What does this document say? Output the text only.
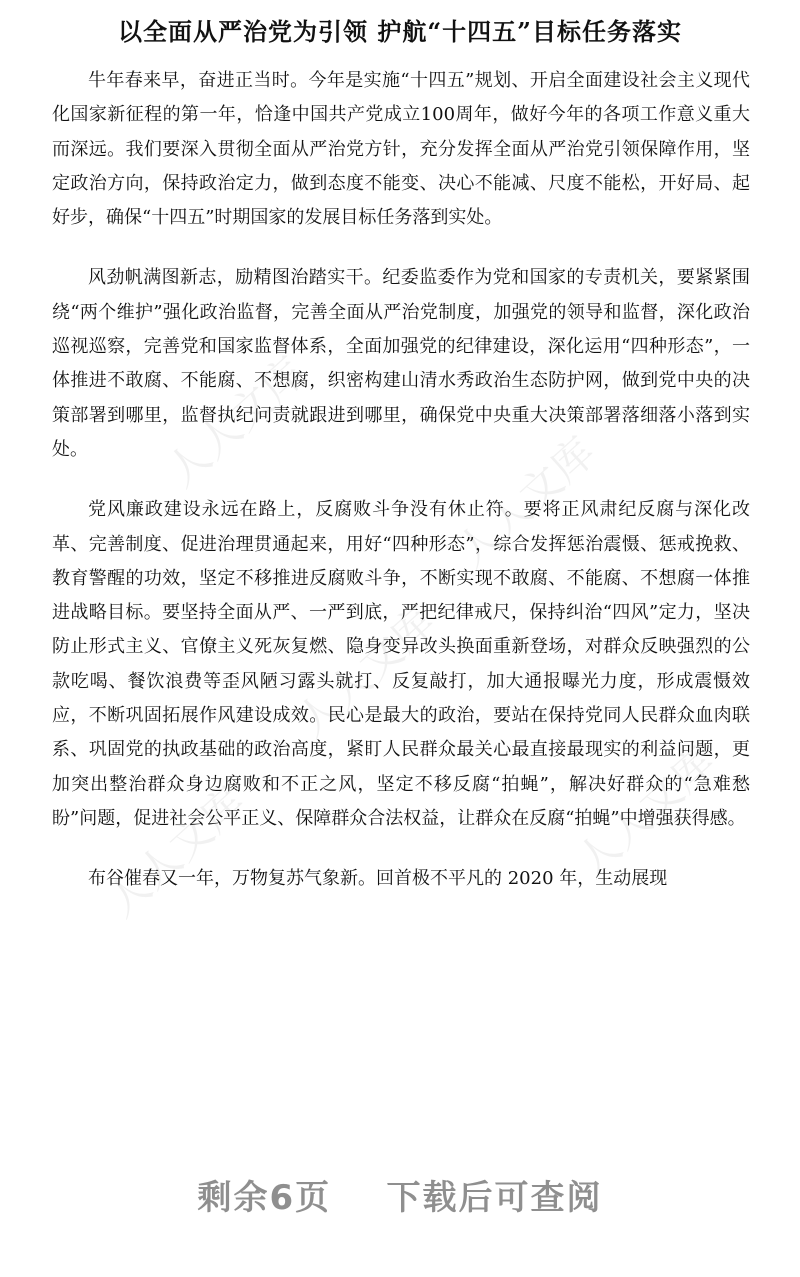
以全面从严治党为引领 护航“十四五”目标任务落实

牛年春来早，奋进正当时。今年是实施“十四五”规划、开启全面建设社会主义现代化国家新征程的第一年，恰逢中国共产党成立100周年，做好今年的各项工作意义重大而深远。我们要深入贯彻全面从严治党方针，充分发挥全面从严治党引领保障作用，坚定政治方向，保持政治定力，做到态度不能变、决心不能减、尺度不能松，开好局、起好步，确保“十四五”时期国家的发展目标任务落到实处。

风劲帆满图新志，励精图治踏实干。纪委监委作为党和国家的专责机关，要紧紧围绕“两个维护”强化政治监督，完善全面从严治党制度，加强党的领导和监督，深化政治巡视巡察，完善党和国家监督体系，全面加强党的纪律建设，深化运用“四种形态”，一体推进不敢腐、不能腐、不想腐，织密构建山清水秀政治生态防护网，做到党中央的决策部署到哪里，监督执纪问责就跟进到哪里，确保党中央重大决策部署落细落小落到实处。

党风廉政建设永远在路上，反腐败斗争没有休止符。要将正风肃纪反腐与深化改革、完善制度、促进治理贯通起来，用好“四种形态”，综合发挥惩治震慑、惩戒挽救、教育警醒的功效，坚定不移推进反腐败斗争，不断实现不敢腐、不能腐、不想腐一体推进战略目标。要坚持全面从严、一严到底，严把纪律戒尺，保持纠治“四风”定力，坚决防止形式主义、官僚主义死灰复燃、隐身变异改头换面重新登场，对群众反映强烈的公款吃喝、餐饮浪费等歪风陋习露头就打、反复敲打，加大通报曝光力度，形成震慑效应，不断巩固拓展作风建设成效。民心是最大的政治，要站在保持党同人民群众血肉联系、巩固党的执政基础的政治高度，紧盯人民群众最关心最直接最现实的利益问题，更加突出整治群众身边腐败和不正之风，坚定不移反腐“拍蝇”，解决好群众的“急难愁盼”问题，促进社会公平正义、保障群众合法权益，让群众在反腐“拍蝇”中增强获得感。

布谷催春又一年，万物复苏气象新。回首极不平凡的 2020 年，生动展现

人人文库
人人文库
人人文库
人人文库	人人文库
剩余6页    下载后可查阅
